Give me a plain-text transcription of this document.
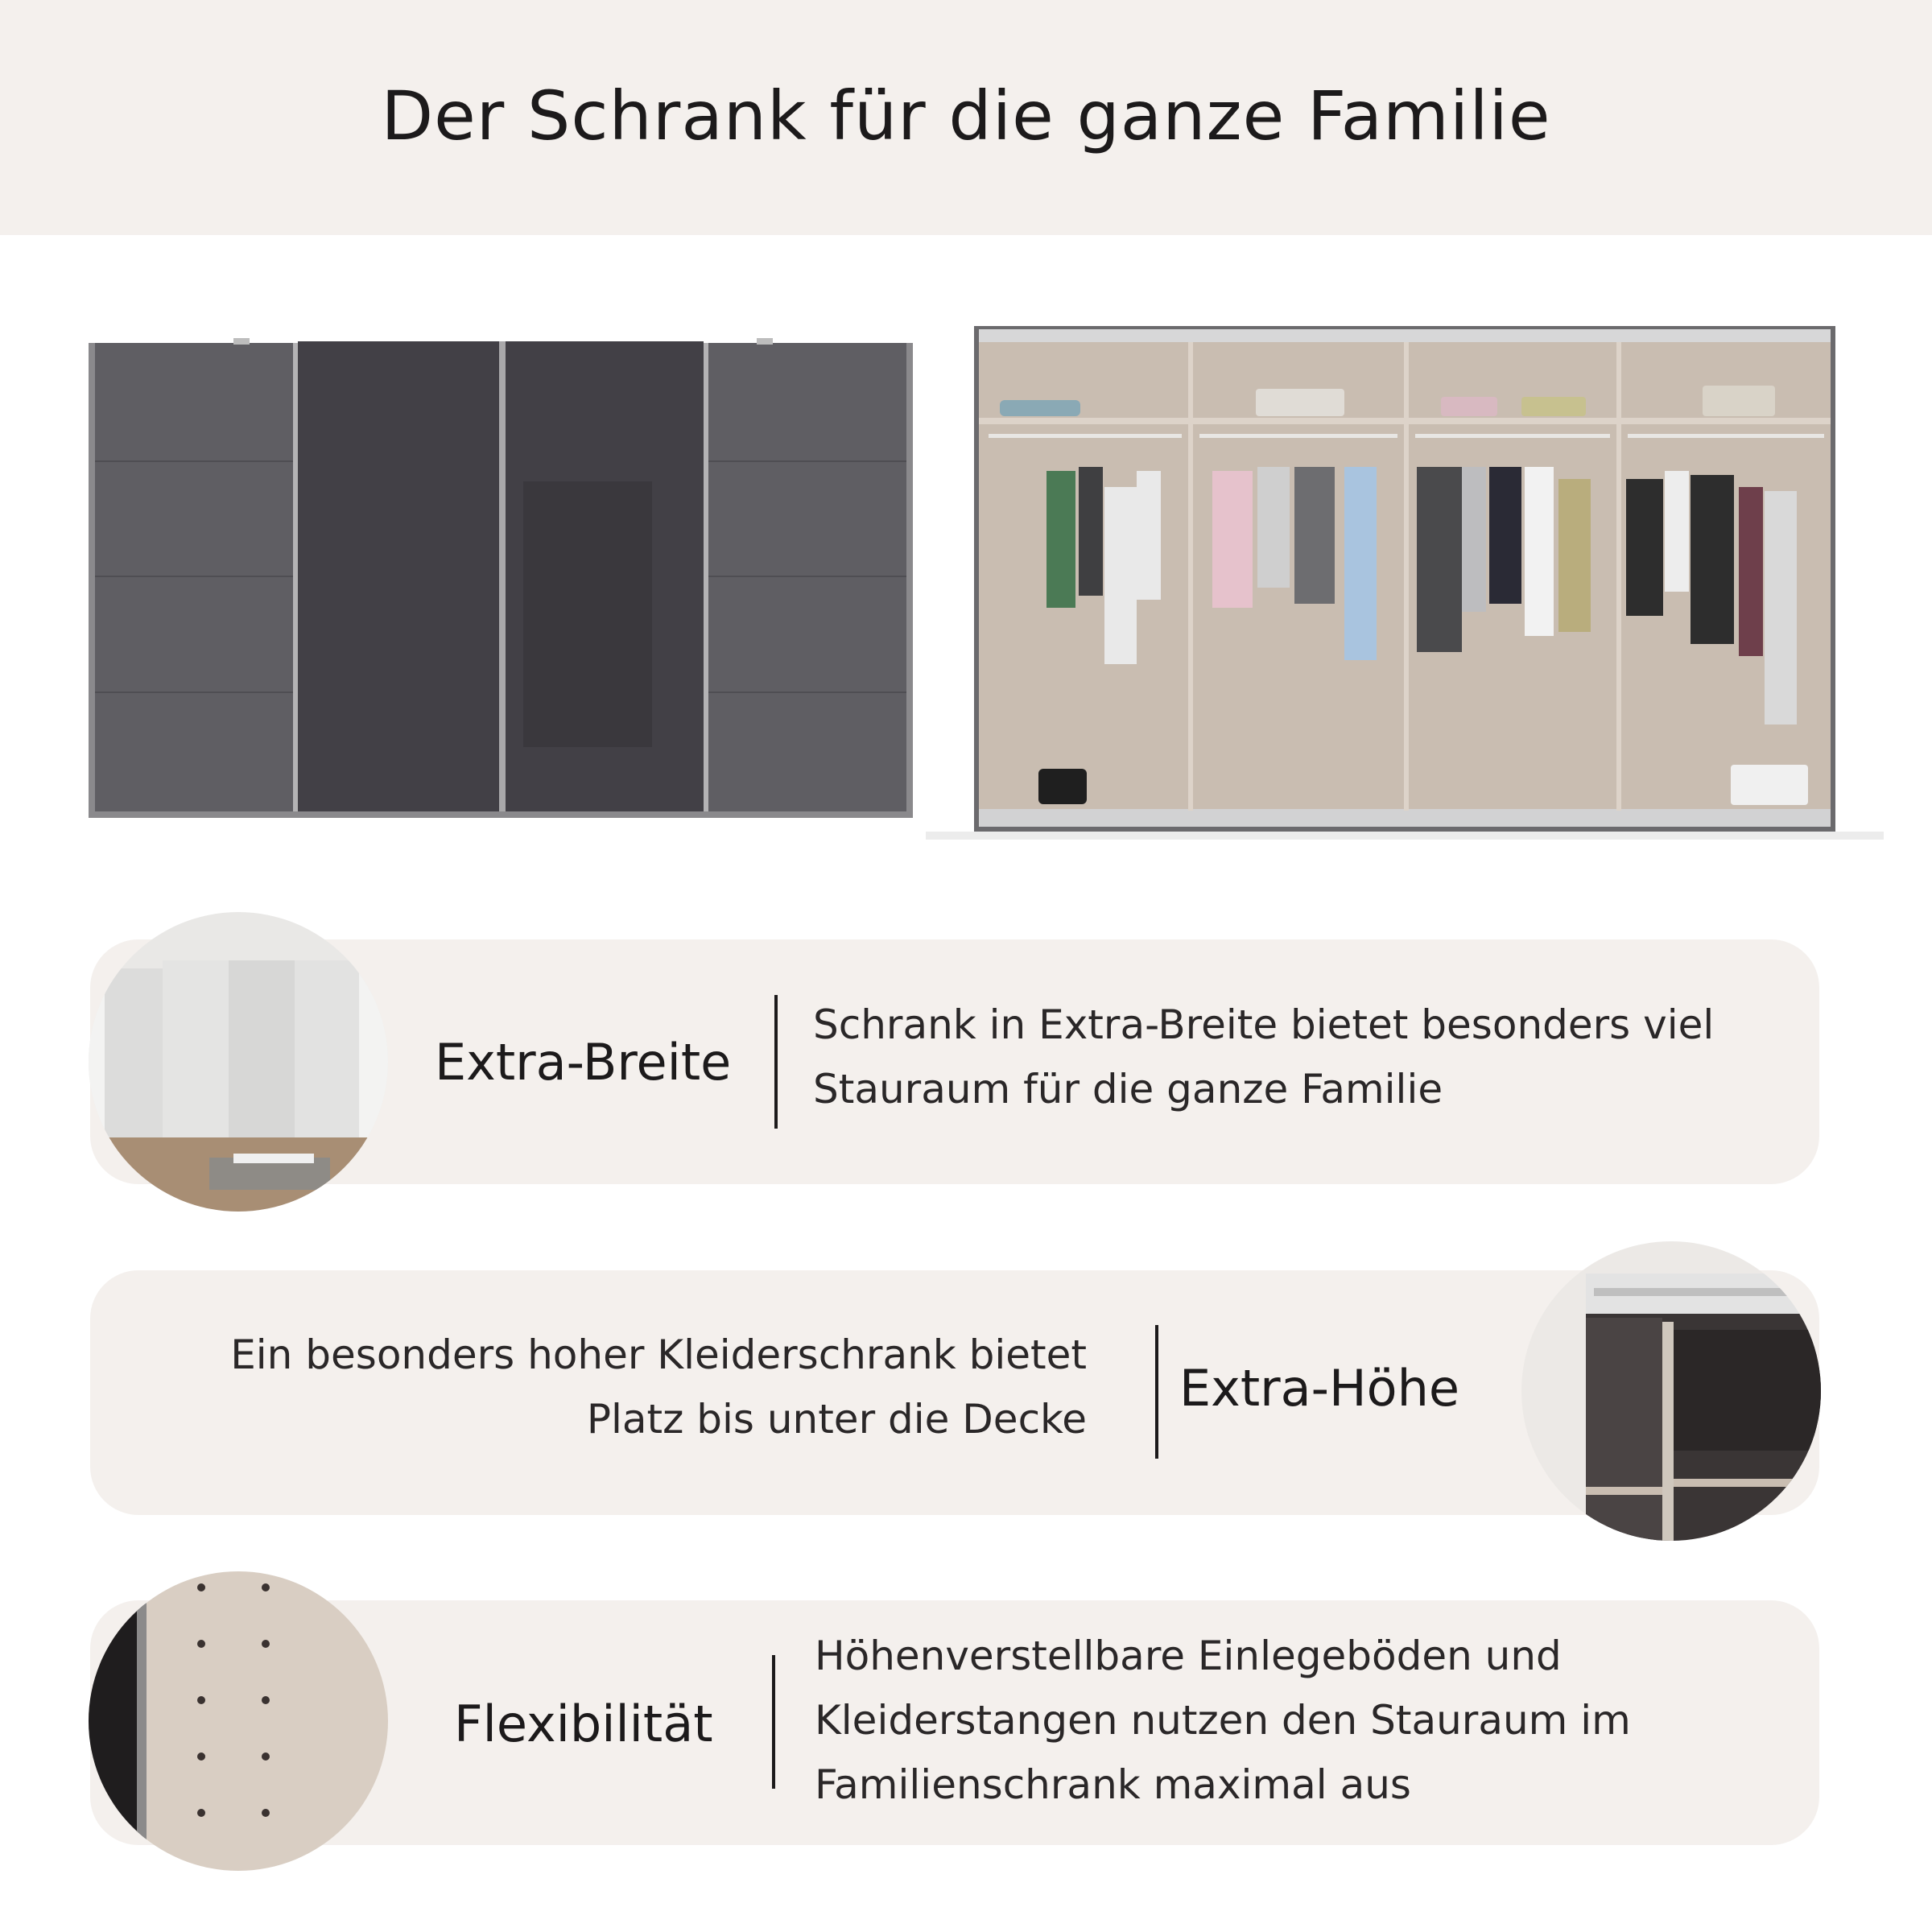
Der Schrank für die ganze Familie
Extra-Breite

Schrank in Extra-Breite bietet besonders viel
Stauraum für die ganze Familie

Ein besonders hoher Kleiderschrank bietet
Platz bis unter die Decke

Extra-Höhe
Flexibilität

Höhenverstellbare Einlegeböden und
Kleiderstangen nutzen den Stauraum im
Familienschrank maximal aus
